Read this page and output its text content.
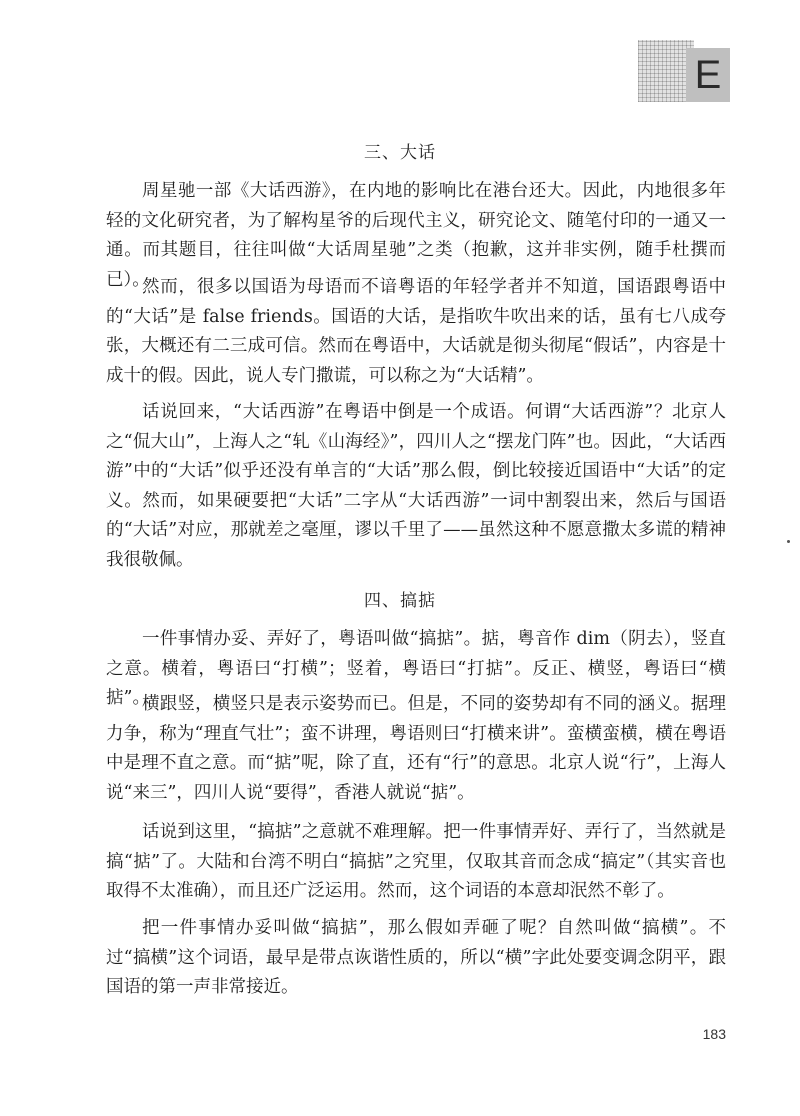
E
三、大话

周星驰一部《大话西游》，在内地的影响比在港台还大。因此，内地很多年轻的文化研究者，为了解构星爷的后现代主义，研究论文、随笔付印的一通又一通。而其题目，往往叫做“大话周星驰”之类（抱歉，这并非实例，随手杜撰而已）。

然而，很多以国语为母语而不谙粤语的年轻学者并不知道，国语跟粤语中的“大话”是 false friends。国语的大话，是指吹牛吹出来的话，虽有七八成夸张，大概还有二三成可信。然而在粤语中，大话就是彻头彻尾“假话”，内容是十成十的假。因此，说人专门撒谎，可以称之为“大话精”。

话说回来，“大话西游”在粤语中倒是一个成语。何谓“大话西游”？北京人之“侃大山”，上海人之“轧《山海经》”，四川人之“摆龙门阵”也。因此，“大话西游”中的“大话”似乎还没有单言的“大话”那么假，倒比较接近国语中“大话”的定义。然而，如果硬要把“大话”二字从“大话西游”一词中割裂出来，然后与国语的“大话”对应，那就差之毫厘，谬以千里了——虽然这种不愿意撒太多谎的精神我很敬佩。

四、搞掂

一件事情办妥、弄好了，粤语叫做“搞掂”。掂，粤音作 dim（阴去），竖直之意。横着，粤语曰“打横”；竖着，粤语曰“打掂”。反正、横竖，粤语曰“横掂”。

横跟竖，横竖只是表示姿势而已。但是，不同的姿势却有不同的涵义。据理力争，称为“理直气壮”；蛮不讲理，粤语则曰“打横来讲”。蛮横蛮横，横在粤语中是理不直之意。而“掂”呢，除了直，还有“行”的意思。北京人说“行”，上海人说“来三”，四川人说“要得”，香港人就说“掂”。

话说到这里，“搞掂”之意就不难理解。把一件事情弄好、弄行了，当然就是搞“掂”了。大陆和台湾不明白“搞掂”之究里，仅取其音而念成“搞定”（其实音也取得不太准确），而且还广泛运用。然而，这个词语的本意却泯然不彰了。

把一件事情办妥叫做“搞掂”，那么假如弄砸了呢？自然叫做“搞横”。不过“搞横”这个词语，最早是带点诙谐性质的，所以“横”字此处要变调念阴平，跟国语的第一声非常接近。

183
